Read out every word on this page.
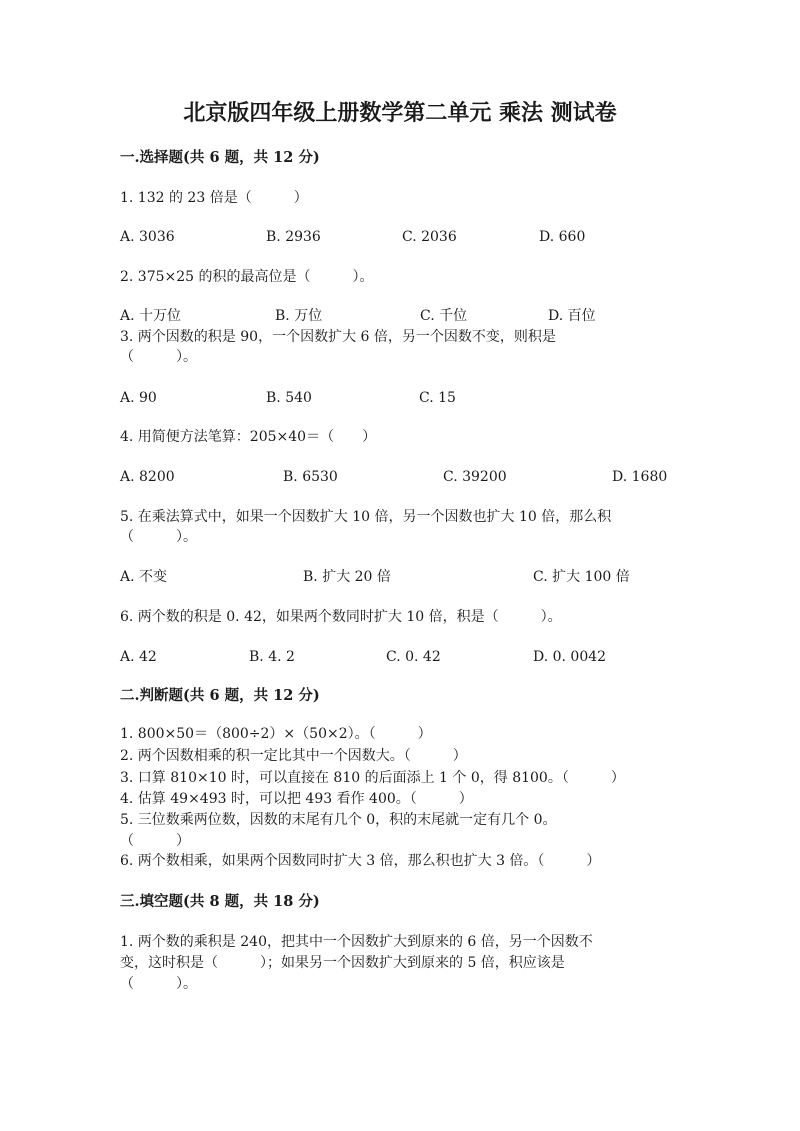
北京版四年级上册数学第二单元 乘法 测试卷
一.选择题(共 6 题，共 12 分)
1. 132 的 23 倍是（　　　）
A. 3036	B. 2936	C. 2036	D. 660
2. 375×25 的积的最高位是（　　　）。
A. 十万位	B. 万位	C. 千位	D. 百位
3. 两个因数的积是 90，一个因数扩大 6 倍，另一个因数不变，则积是
（　　　）。
A. 90	B. 540	C. 15
4. 用简便方法笔算：205×40＝（　　）
A. 8200	B. 6530	C. 39200	D. 1680
5. 在乘法算式中，如果一个因数扩大 10 倍，另一个因数也扩大 10 倍，那么积
（　　　）。
A. 不变	B. 扩大 20 倍	C. 扩大 100 倍
6. 两个数的积是 0. 42，如果两个数同时扩大 10 倍，积是（　　　）。
A. 42	B. 4. 2	C. 0. 42	D. 0. 0042
二.判断题(共 6 题，共 12 分)
1. 800×50＝（800÷2）×（50×2）。（　　　）
2. 两个因数相乘的积一定比其中一个因数大。（　　　）
3. 口算 810×10 时，可以直接在 810 的后面添上 1 个 0，得 8100。（　　　）
4. 估算 49×493 时，可以把 493 看作 400。（　　　）
5. 三位数乘两位数，因数的末尾有几个 0，积的末尾就一定有几个 0。
（　　　）
6. 两个数相乘，如果两个因数同时扩大 3 倍，那么积也扩大 3 倍。（　　　）
三.填空题(共 8 题，共 18 分)
1. 两个数的乘积是 240，把其中一个因数扩大到原来的 6 倍，另一个因数不
变，这时积是（　　　）；如果另一个因数扩大到原来的 5 倍，积应该是
（　　　）。
